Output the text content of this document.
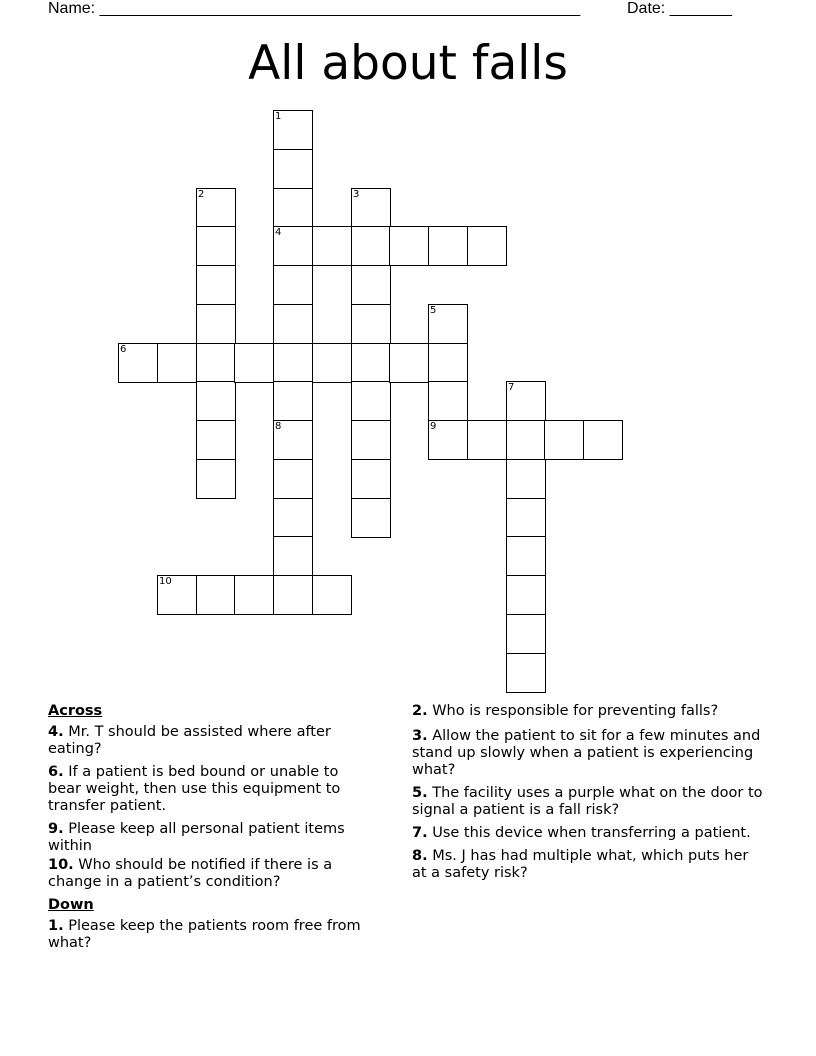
Name: ______________________________________________________	Date: _______
All about falls
1
4
2	3
5
9
6
7
8
10
Across
4. Mr. T should be assisted where after eating?
6. If a patient is bed bound or unable to bear weight, then use this equipment to transfer patient.
9. Please keep all personal patient items within
10. Who should be notified if there is a change in a patient’s condition?
Down
1. Please keep the patients room free from what?
2. Who is responsible for preventing falls?
3. Allow the patient to sit for a few minutes and stand up slowly when a patient is experiencing what?
5. The facility uses a purple what on the door to signal a patient is a fall risk?
7. Use this device when transferring a patient.
8. Ms. J has had multiple what, which puts her at a safety risk?
